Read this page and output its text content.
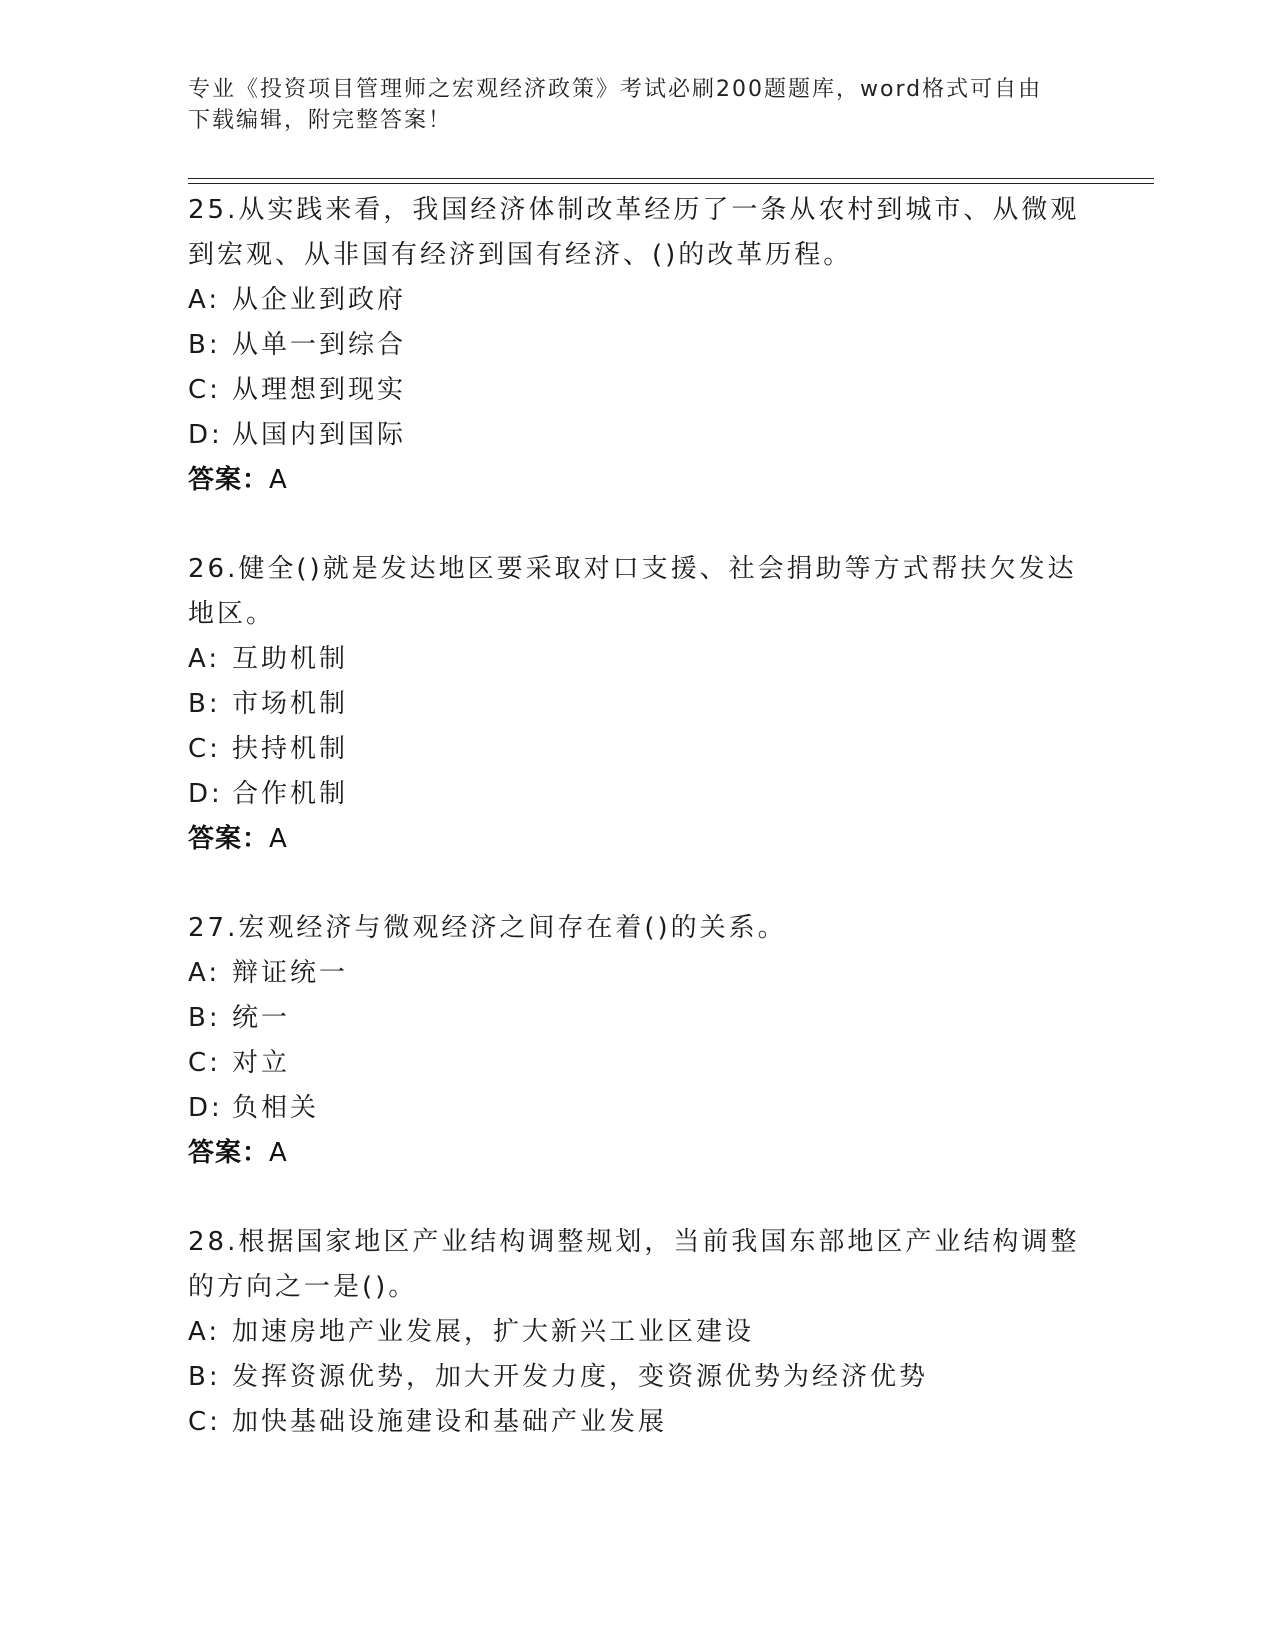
专业《投资项目管理师之宏观经济政策》考试必刷200题题库，word格式可自由
下载编辑，附完整答案！
25.从实践来看，我国经济体制改革经历了一条从农村到城市、从微观
到宏观、从非国有经济到国有经济、()的改革历程。
A: 从企业到政府
B: 从单一到综合
C: 从理想到现实
D: 从国内到国际
答案：A
26.健全()就是发达地区要采取对口支援、社会捐助等方式帮扶欠发达
地区。
A: 互助机制
B: 市场机制
C: 扶持机制
D: 合作机制
答案：A
27.宏观经济与微观经济之间存在着()的关系。
A: 辩证统一
B: 统一
C: 对立
D: 负相关
答案：A
28.根据国家地区产业结构调整规划，当前我国东部地区产业结构调整
的方向之一是()。
A: 加速房地产业发展，扩大新兴工业区建设
B: 发挥资源优势，加大开发力度，变资源优势为经济优势
C: 加快基础设施建设和基础产业发展
